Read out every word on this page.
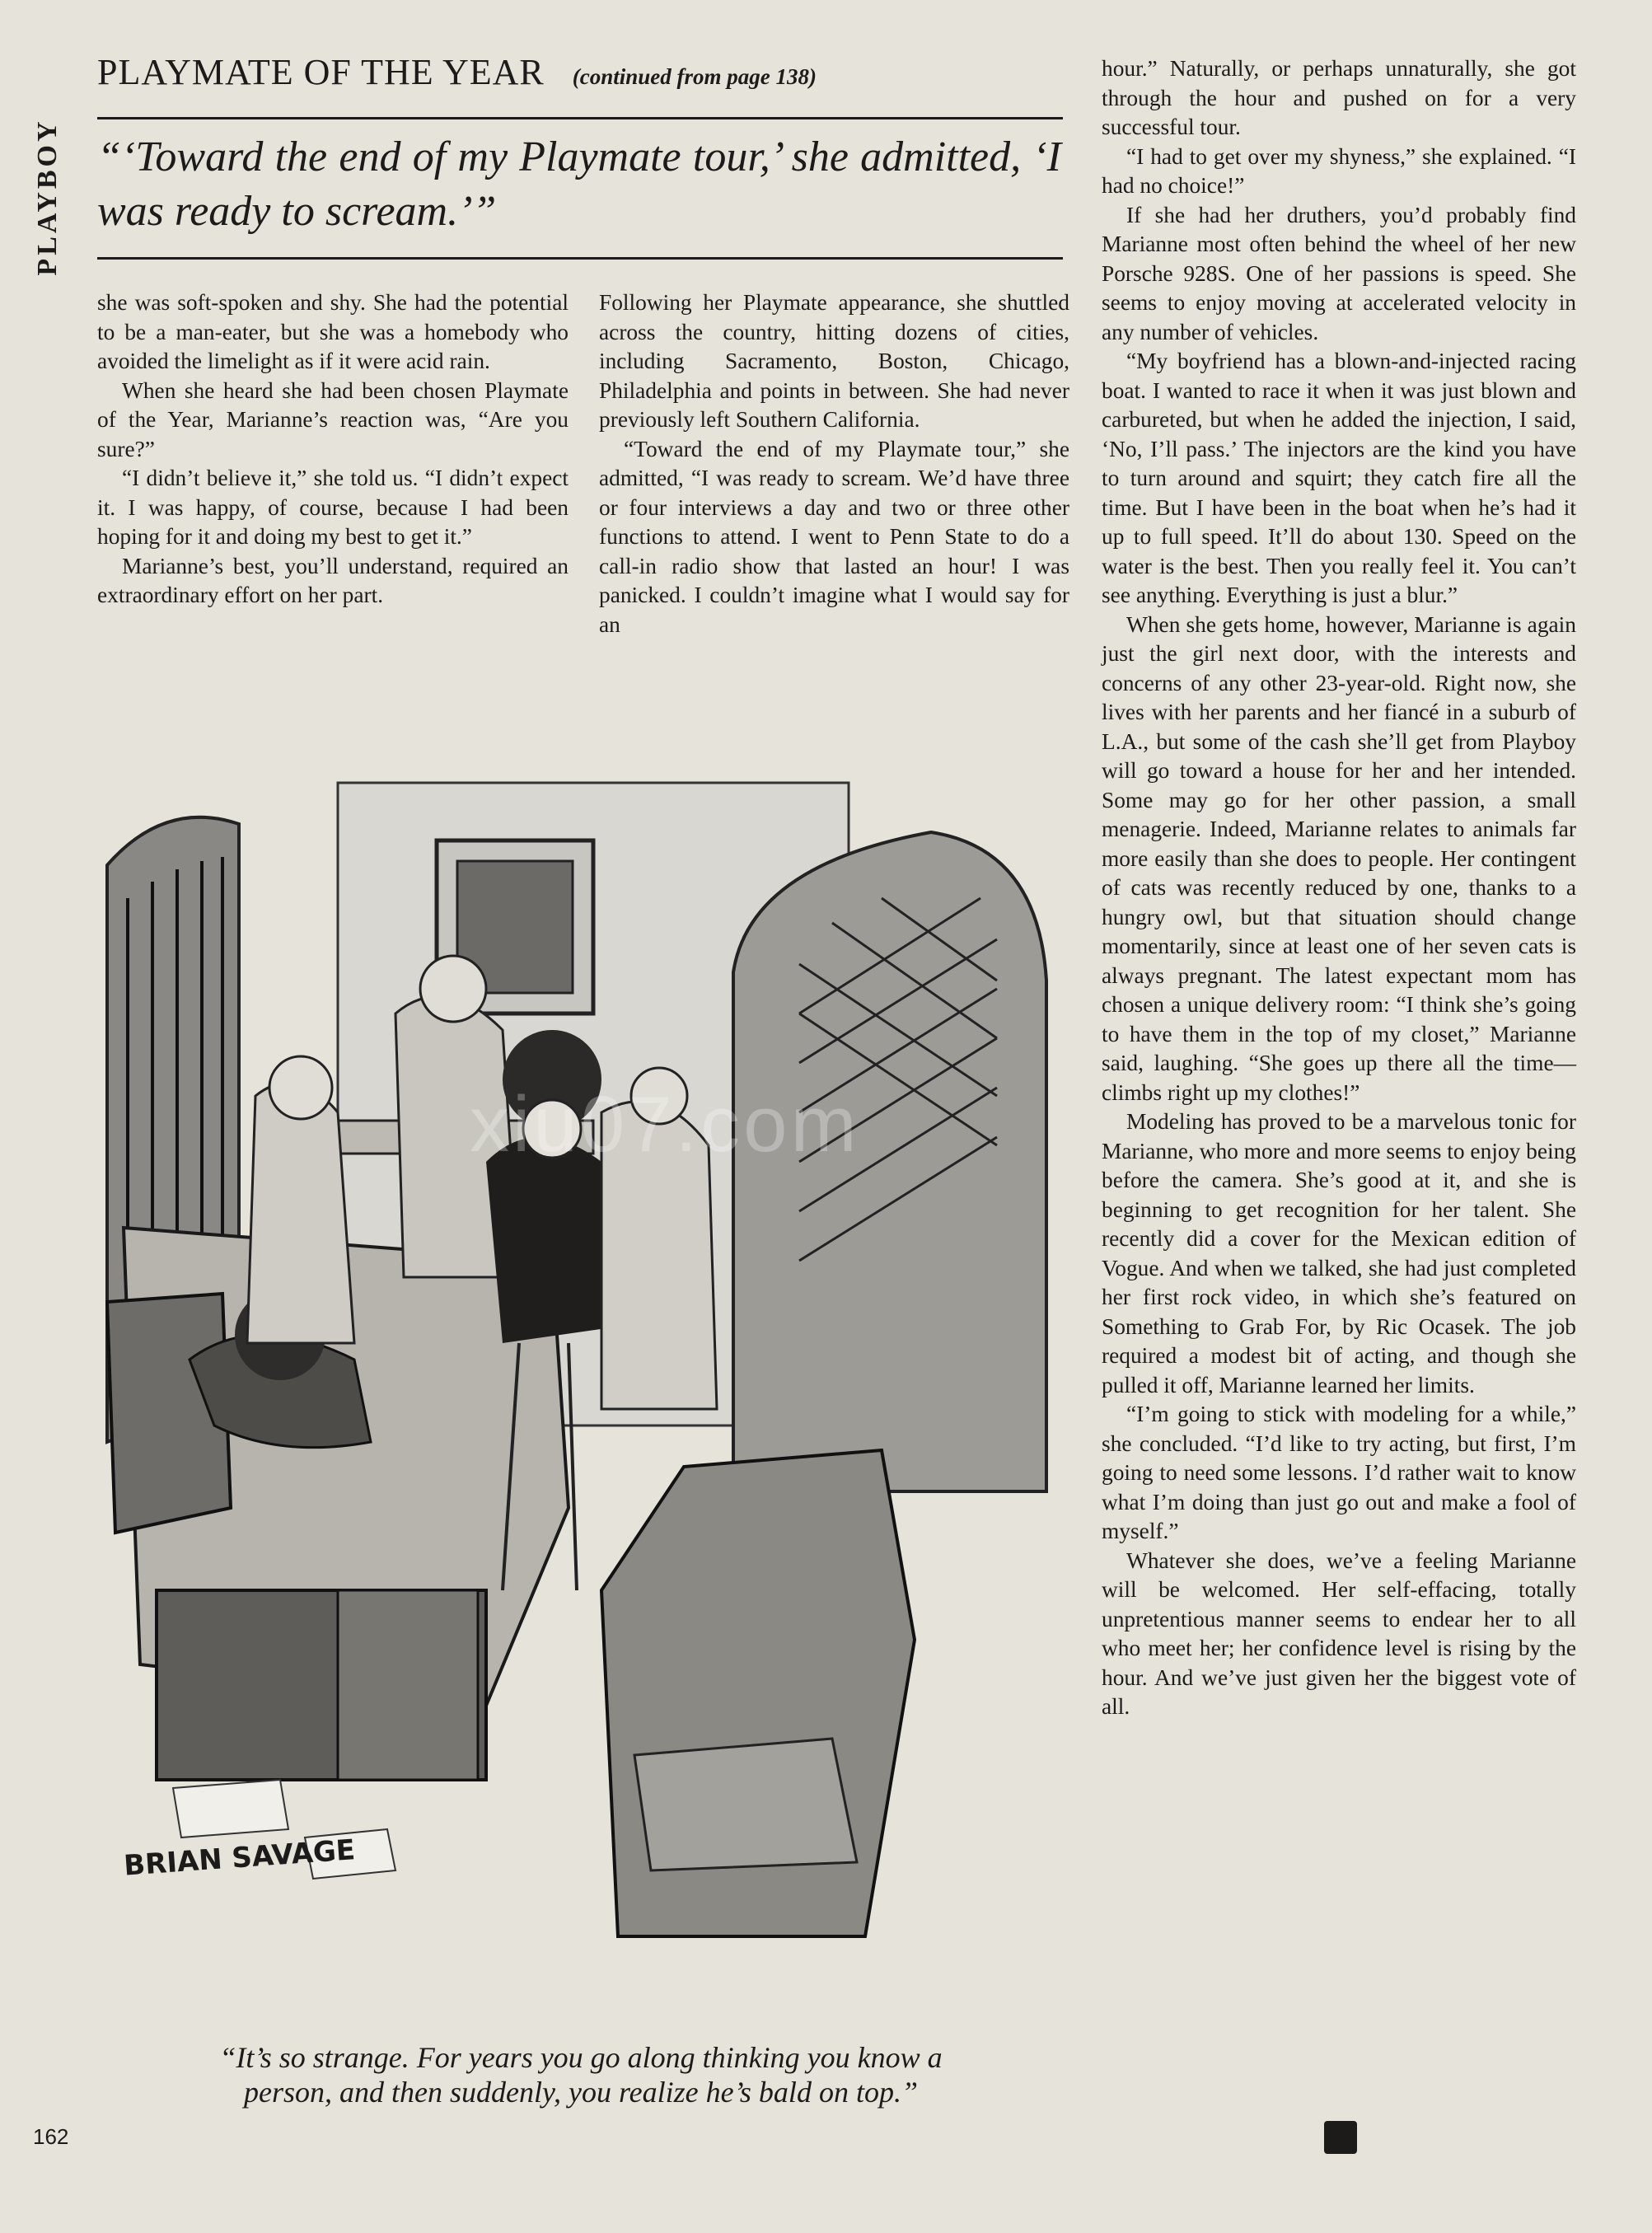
PLAYBOY
PLAYMATE OF THE YEAR (continued from page 138)
“‘Toward the end of my Playmate tour,’ she admitted, ‘I was ready to scream.’”

she was soft-spoken and shy. She had the potential to be a man-eater, but she was a homebody who avoided the limelight as if it were acid rain.

When she heard she had been chosen Playmate of the Year, Marianne’s reaction was, “Are you sure?”

“I didn’t believe it,” she told us. “I didn’t expect it. I was happy, of course, because I had been hoping for it and doing my best to get it.”

Marianne’s best, you’ll understand, required an extraordinary effort on her part.

Following her Playmate appearance, she shuttled across the country, hitting dozens of cities, including Sacramento, Boston, Chicago, Philadelphia and points in between. She had never previously left Southern California.

“Toward the end of my Playmate tour,” she admitted, “I was ready to scream. We’d have three or four interviews a day and two or three other functions to attend. I went to Penn State to do a call-in radio show that lasted an hour! I was panicked. I couldn’t imagine what I would say for an

hour.” Naturally, or perhaps unnaturally, she got through the hour and pushed on for a very successful tour.

“I had to get over my shyness,” she explained. “I had no choice!”

If she had her druthers, you’d probably find Marianne most often behind the wheel of her new Porsche 928S. One of her passions is speed. She seems to enjoy moving at accelerated velocity in any number of vehicles.

“My boyfriend has a blown-and-injected racing boat. I wanted to race it when it was just blown and carbureted, but when he added the injection, I said, ‘No, I’ll pass.’ The injectors are the kind you have to turn around and squirt; they catch fire all the time. But I have been in the boat when he’s had it up to full speed. It’ll do about 130. Speed on the water is the best. Then you really feel it. You can’t see anything. Everything is just a blur.”

When she gets home, however, Marianne is again just the girl next door, with the interests and concerns of any other 23-year-old. Right now, she lives with her parents and her fiancé in a suburb of L.A., but some of the cash she’ll get from Playboy will go toward a house for her and her intended. Some may go for her other passion, a small menagerie. Indeed, Marianne relates to animals far more easily than she does to people. Her contingent of cats was recently reduced by one, thanks to a hungry owl, but that situation should change momentarily, since at least one of her seven cats is always pregnant. The latest expectant mom has chosen a unique delivery room: “I think she’s going to have them in the top of my closet,” Marianne said, laughing. “She goes up there all the time—climbs right up my clothes!”

Modeling has proved to be a marvelous tonic for Marianne, who more and more seems to enjoy being before the camera. She’s good at it, and she is beginning to get recognition for her talent. She recently did a cover for the Mexican edition of Vogue. And when we talked, she had just completed her first rock video, in which she’s featured on Something to Grab For, by Ric Ocasek. The job required a modest bit of acting, and though she pulled it off, Marianne learned her limits.

“I’m going to stick with modeling for a while,” she concluded. “I’d like to try acting, but first, I’m going to need some lessons. I’d rather wait to know what I’m doing than just go out and make a fool of myself.”

Whatever she does, we’ve a feeling Marianne will be welcomed. Her self-effacing, totally unpretentious manner seems to endear her to all who meet her; her confidence level is rising by the hour. And we’ve just given her the biggest vote of all.

BRIAN SAVAGE
xiu07.com
“It’s so strange. For years you go along thinking you know a person, and then suddenly, you realize he’s bald on top.”
162
